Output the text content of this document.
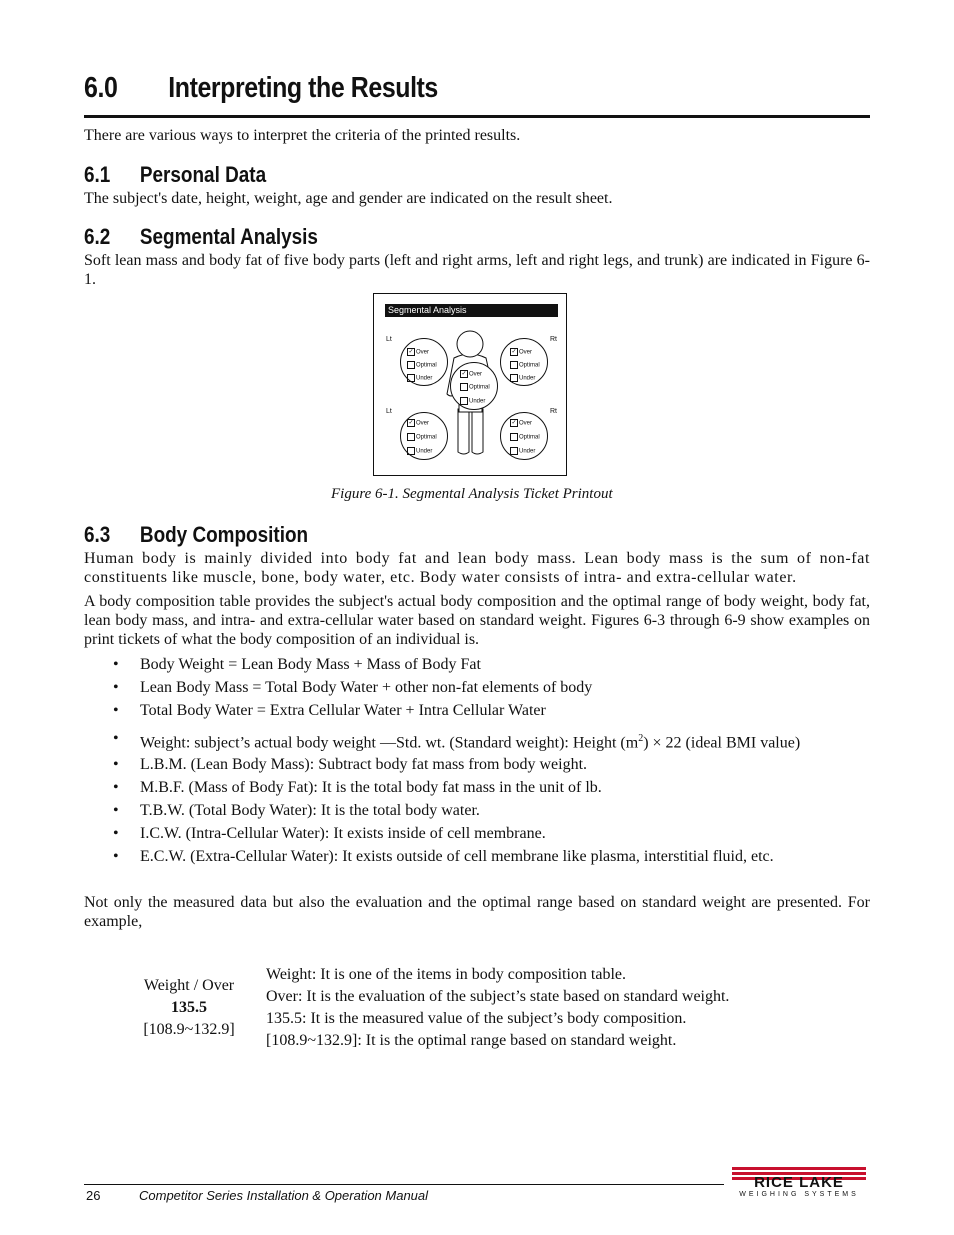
6.0 Interpreting the Results
There are various ways to interpret the criteria of the printed results.
6.1 Personal Data
The subject's date, height, weight, age and gender are indicated on the result sheet.
6.2 Segmental Analysis
Soft lean mass and body fat of five body parts (left and right arms, left and right legs, and trunk) are indicated in Figure 6-1.
Segmental Analysis
Lt	Rt
Lt	Rt
✓ Over
Optimal
Under
✓ Over
Optimal
Under
✓ Over
Optimal
Under
✓ Over
Optimal
Under
✓ Over
Optimal
Under
Figure 6-1. Segmental Analysis Ticket Printout
6.3 Body Composition
Human body is mainly divided into body fat and lean body mass. Lean body mass is the sum of non-fat constituents like muscle, bone, body water, etc. Body water consists of intra- and extra-cellular water.
A body composition table provides the subject's actual body composition and the optimal range of body weight, body fat, lean body mass, and intra- and extra-cellular water based on standard weight. Figures 6-3 through 6-9 show examples on print tickets of what the body composition of an individual is.
• Body Weight = Lean Body Mass + Mass of Body Fat
• Lean Body Mass = Total Body Water + other non-fat elements of body
• Total Body Water = Extra Cellular Water + Intra Cellular Water
• Weight: subject’s actual body weight —Std. wt. (Standard weight): Height $(m^2) \times 22$ (ideal BMI value)
• L.B.M. (Lean Body Mass): Subtract body fat mass from body weight.
• M.B.F. (Mass of Body Fat): It is the total body fat mass in the unit of lb.
• T.B.W. (Total Body Water): It is the total body water.
• I.C.W. (Intra-Cellular Water): It exists inside of cell membrane.
• E.C.W. (Extra-Cellular Water): It exists outside of cell membrane like plasma, interstitial fluid, etc.
Not only the measured data but also the evaluation and the optimal range based on standard weight are presented. For example,
Weight / Over
135.5
[108.9~132.9]
Weight: It is one of the items in body composition table.
Over: It is the evaluation of the subject’s state based on standard weight.
135.5: It is the measured value of the subject’s body composition.
[108.9~132.9]: It is the optimal range based on standard weight.
26	Competitor Series Installation & Operation Manual
RICE LAKE
WEIGHING SYSTEMS
